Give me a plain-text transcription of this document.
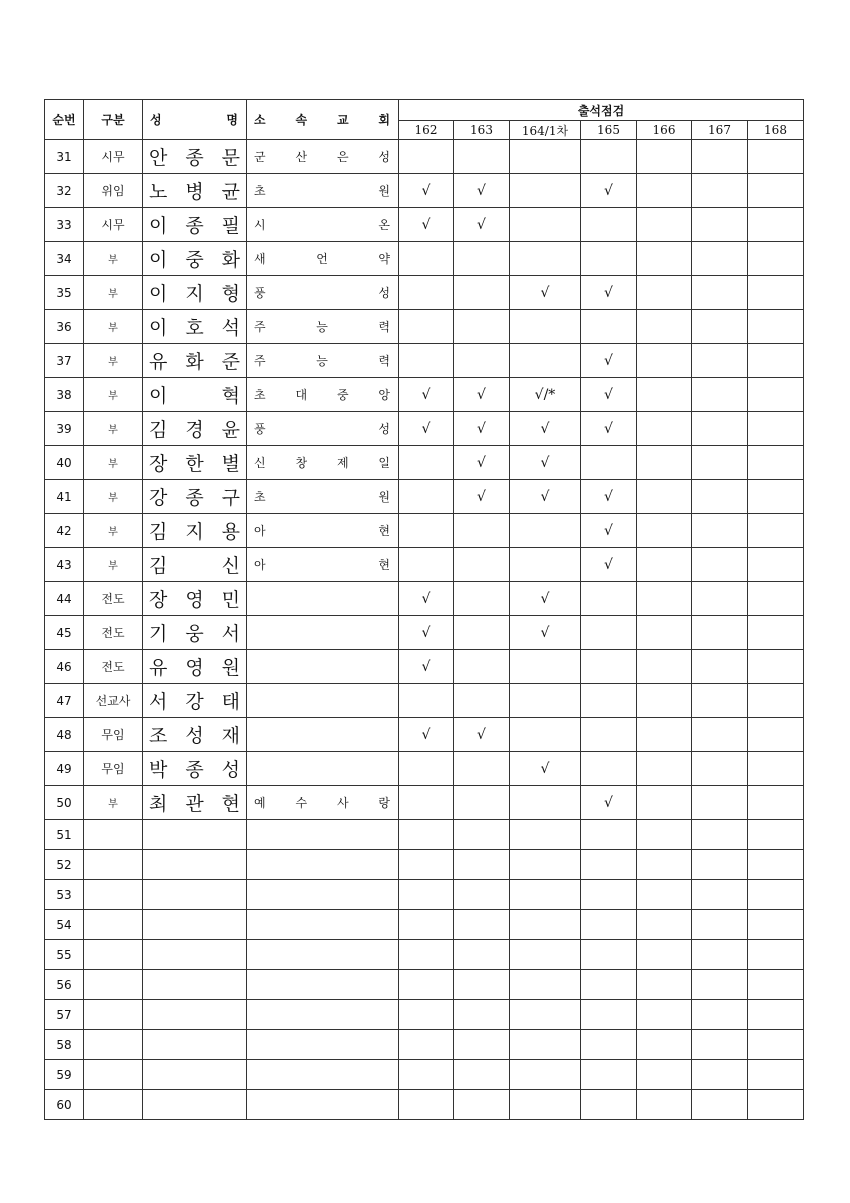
순번	구분	성 명	소 속 교 회	출석점검						
				162	163	164/1차	165	166	167	168
31	시무	안 종 문	군 산 은 성							

32	위임	노 병 균	초 원	√	√		√			
33	시무	이 종 필	시 온	√	√					
34	부	이 중 화	새 언 약							

35	부	이 지 형	풍 성			√	√			
36	부	이 호 석	주 능 력							

37	부	유 화 준	주 능 력				√			
38	부	이 혁	초 대 중 앙	√	√	√/*	√			
39	부	김 경 윤	풍 성	√	√	√	√			
40	부	장 한 별	신 창 제 일		√	√				
41	부	강 종 구	초 원		√	√	√			
42	부	김 지 용	아 현				√			
43	부	김 신	아 현				√			
44	전도	장 영 민		√		√				
45	전도	기 웅 서		√		√				
46	전도	유 영 원		√						
47	선교사	서 강 태								

48	무임	조 성 재		√	√					
49	무임	박 종 성				√				
50	부	최 관 현	예 수 사 랑				√			
51										
52										
53										
54										
55										
56										
57										
58										
59										
60										
